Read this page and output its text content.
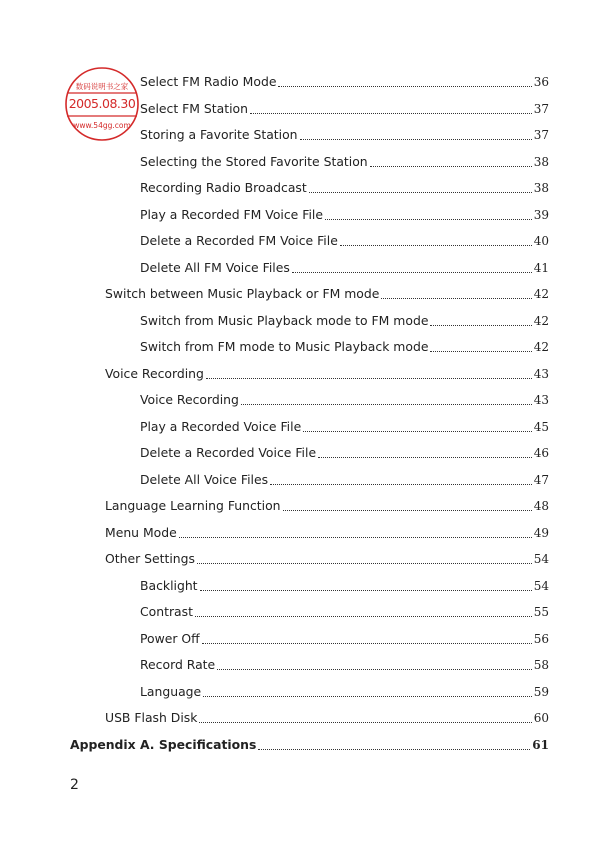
Select FM Radio Mode	36
Select FM Station	37
Storing a Favorite Station	37
Selecting the Stored Favorite Station	38
Recording Radio Broadcast	38
Play a Recorded FM Voice File	39
Delete a Recorded FM Voice File	40
Delete All FM Voice Files	41
Switch between Music Playback or FM mode	42
Switch from Music Playback mode to FM mode	42
Switch from FM mode to Music Playback mode	42
Voice Recording	43
Voice Recording	43
Play a Recorded Voice File	45
Delete a Recorded Voice File	46
Delete All Voice Files	47
Language Learning Function	48
Menu Mode	49
Other Settings	54
Backlight	54
Contrast	55
Power Off	56
Record Rate	58
Language	59
USB Flash Disk	60
Appendix A. Specifications	61
2
数码说明书之家
2005.08.30
www.54gg.com
